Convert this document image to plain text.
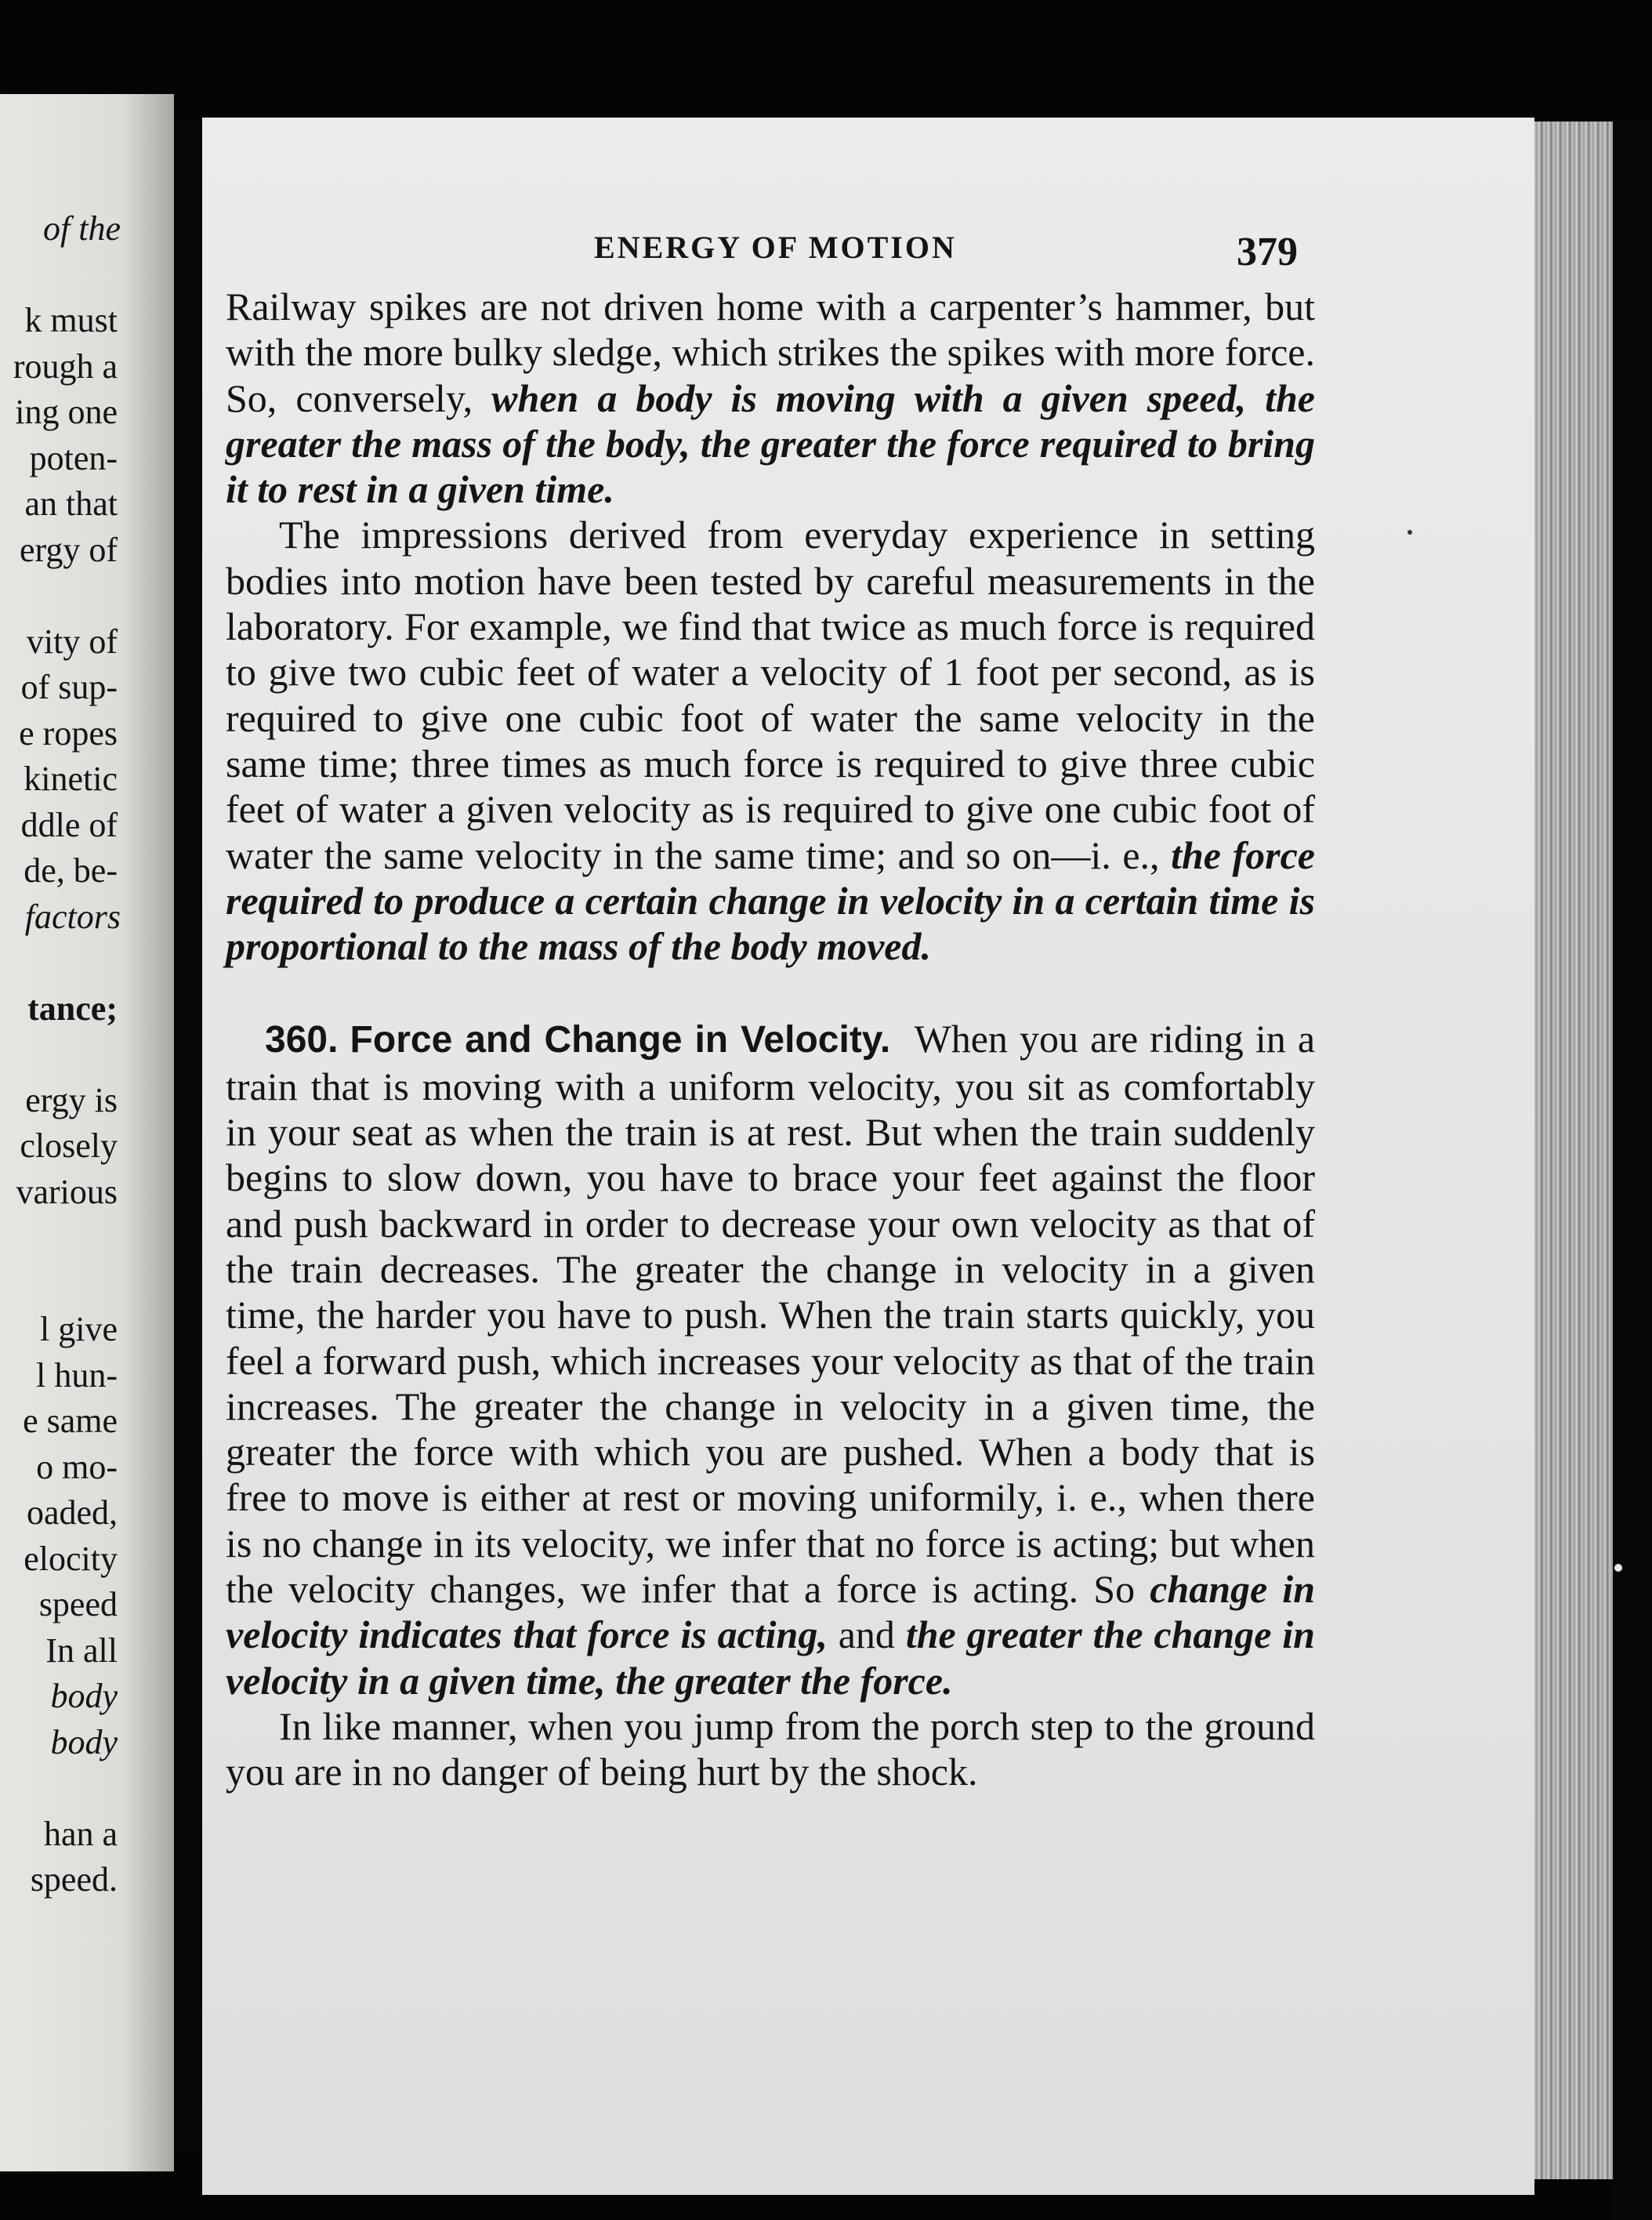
of the
k must
rough a
ing one
poten-
an that
ergy of
vity of
of sup-
e ropes
kinetic
ddle of
de, be-
factors
tance;
ergy is
closely
various
l give
l hun-
e same
o mo-
oaded,
elocity
speed
In all
body
body
han a
speed.
ENERGY OF MOTION	379

Railway spikes are not driven home with a carpenter’s hammer, but with the more bulky sledge, which strikes the spikes with more force. So, conversely, when a body is moving with a given speed, the greater the mass of the body, the greater the force required to bring it to rest in a given time.

The impressions derived from everyday experience in setting bodies into motion have been tested by careful measurements in the laboratory. For example, we find that twice as much force is required to give two cubic feet of water a velocity of 1 foot per second, as is required to give one cubic foot of water the same velocity in the same time; three times as much force is required to give three cubic feet of water a given velocity as is required to give one cubic foot of water the same velocity in the same time; and so on—i. e., the force required to produce a certain change in velocity in a certain time is proportional to the mass of the body moved.

360. Force and Change in Velocity. When you are riding in a train that is moving with a uniform velocity, you sit as comfortably in your seat as when the train is at rest. But when the train suddenly begins to slow down, you have to brace your feet against the floor and push backward in order to decrease your own velocity as that of the train decreases. The greater the change in velocity in a given time, the harder you have to push. When the train starts quickly, you feel a forward push, which increases your velocity as that of the train increases. The greater the change in velocity in a given time, the greater the force with which you are pushed. When a body that is free to move is either at rest or moving uniformily, i. e., when there is no change in its velocity, we infer that no force is acting; but when the velocity changes, we infer that a force is acting. So change in velocity indicates that force is acting, and the greater the change in velocity in a given time, the greater the force.

In like manner, when you jump from the porch step to the ground you are in no danger of being hurt by the shock.
